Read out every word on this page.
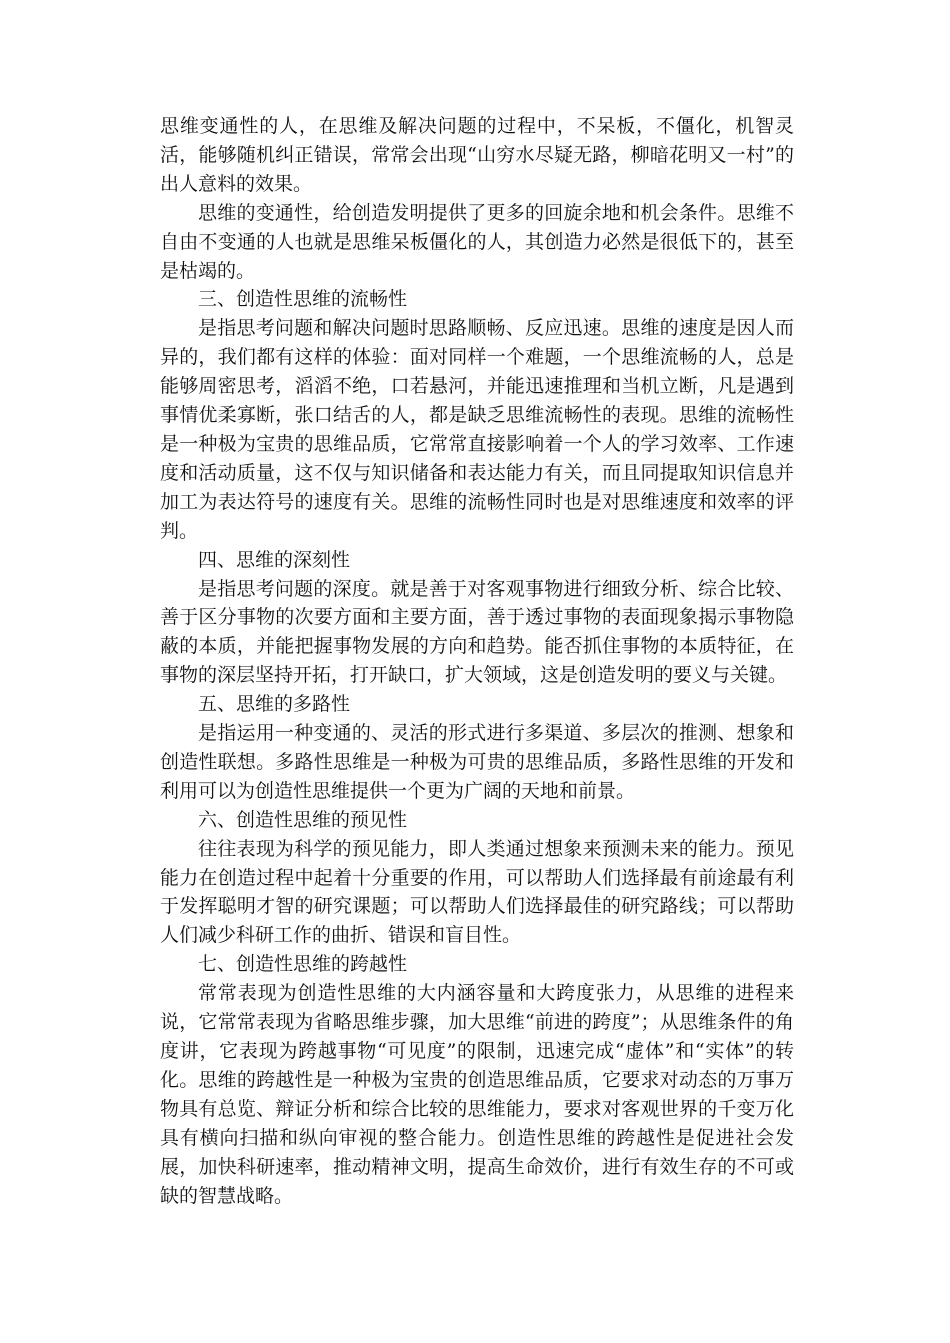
思维变通性的人，在思维及解决问题的过程中，不呆板，不僵化，机智灵活，能够随机纠正错误，常常会出现“山穷水尽疑无路，柳暗花明又一村”的出人意料的效果。

思维的变通性，给创造发明提供了更多的回旋余地和机会条件。思维不自由不变通的人也就是思维呆板僵化的人，其创造力必然是很低下的，甚至是枯竭的。

三、创造性思维的流畅性

是指思考问题和解决问题时思路顺畅、反应迅速。思维的速度是因人而异的，我们都有这样的体验：面对同样一个难题，一个思维流畅的人，总是能够周密思考，滔滔不绝，口若悬河，并能迅速推理和当机立断，凡是遇到事情优柔寡断，张口结舌的人，都是缺乏思维流畅性的表现。思维的流畅性是一种极为宝贵的思维品质，它常常直接影响着一个人的学习效率、工作速度和活动质量，这不仅与知识储备和表达能力有关，而且同提取知识信息并加工为表达符号的速度有关。思维的流畅性同时也是对思维速度和效率的评判。

四、思维的深刻性

是指思考问题的深度。就是善于对客观事物进行细致分析、综合比较、善于区分事物的次要方面和主要方面，善于透过事物的表面现象揭示事物隐蔽的本质，并能把握事物发展的方向和趋势。能否抓住事物的本质特征，在事物的深层坚持开拓，打开缺口，扩大领域，这是创造发明的要义与关键。

五、思维的多路性

是指运用一种变通的、灵活的形式进行多渠道、多层次的推测、想象和创造性联想。多路性思维是一种极为可贵的思维品质，多路性思维的开发和利用可以为创造性思维提供一个更为广阔的天地和前景。

六、创造性思维的预见性

往往表现为科学的预见能力，即人类通过想象来预测未来的能力。预见能力在创造过程中起着十分重要的作用，可以帮助人们选择最有前途最有利于发挥聪明才智的研究课题；可以帮助人们选择最佳的研究路线；可以帮助人们减少科研工作的曲折、错误和盲目性。

七、创造性思维的跨越性

常常表现为创造性思维的大内涵容量和大跨度张力，从思维的进程来说，它常常表现为省略思维步骤，加大思维“前进的跨度”；从思维条件的角度讲，它表现为跨越事物“可见度”的限制，迅速完成“虚体”和“实体”的转化。思维的跨越性是一种极为宝贵的创造思维品质，它要求对动态的万事万物具有总览、辩证分析和综合比较的思维能力，要求对客观世界的千变万化具有横向扫描和纵向审视的整合能力。创造性思维的跨越性是促进社会发展，加快科研速率，推动精神文明，提高生命效价，进行有效生存的不可或缺的智慧战略。
